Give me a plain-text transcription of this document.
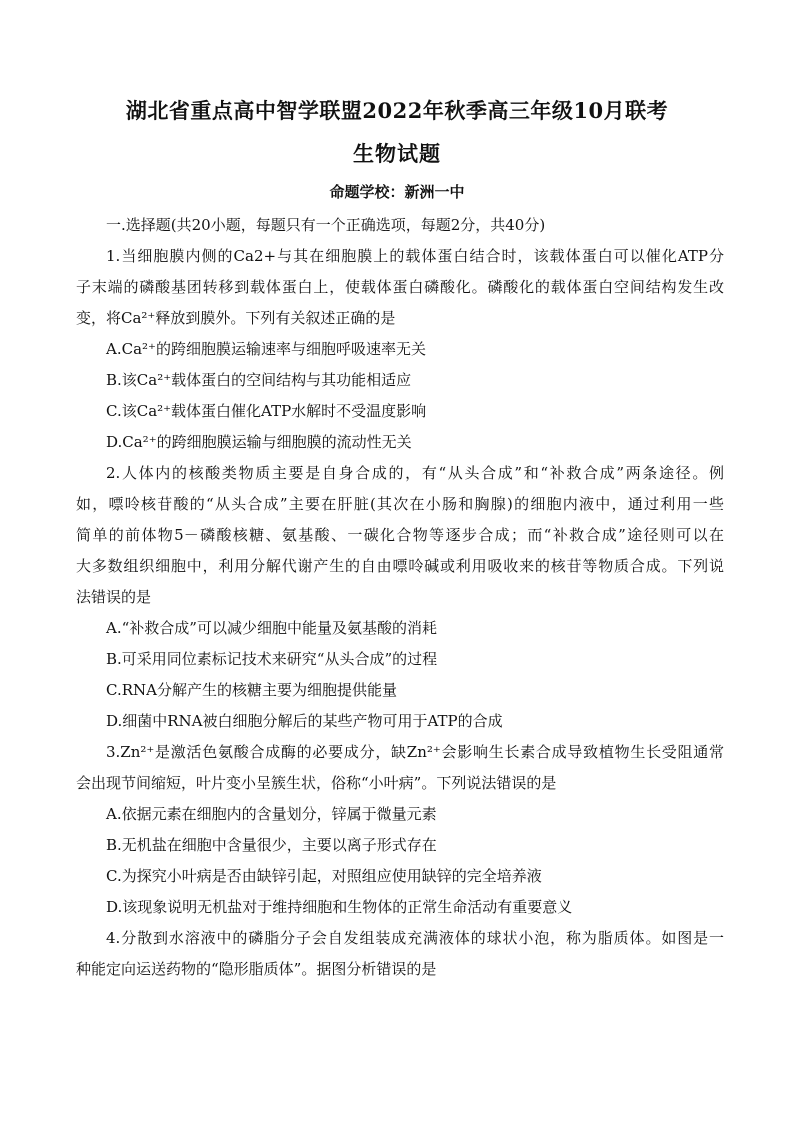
湖北省重点高中智学联盟2022年秋季高三年级10月联考
生物试题
命题学校：新洲一中
一.选择题(共20小题，每题只有一个正确选项，每题2分，共40分)
1.当细胞膜内侧的Ca2+与其在细胞膜上的载体蛋白结合时，该载体蛋白可以催化ATP分
子末端的磷酸基团转移到载体蛋白上，使载体蛋白磷酸化。磷酸化的载体蛋白空间结构发生改
变，将Ca²⁺释放到膜外。下列有关叙述正确的是
A.Ca²⁺的跨细胞膜运输速率与细胞呼吸速率无关
B.该Ca²⁺载体蛋白的空间结构与其功能相适应
C.该Ca²⁺载体蛋白催化ATP水解时不受温度影响
D.Ca²⁺的跨细胞膜运输与细胞膜的流动性无关
2.人体内的核酸类物质主要是自身合成的，有“从头合成”和“补救合成”两条途径。例
如，嘌呤核苷酸的“从头合成”主要在肝脏(其次在小肠和胸腺)的细胞内液中，通过利用一些
简单的前体物5－磷酸核糖、氨基酸、一碳化合物等逐步合成；而“补救合成”途径则可以在
大多数组织细胞中，利用分解代谢产生的自由嘌呤碱或利用吸收来的核苷等物质合成。下列说
法错误的是
A.“补救合成”可以减少细胞中能量及氨基酸的消耗
B.可采用同位素标记技术来研究“从头合成”的过程
C.RNA分解产生的核糖主要为细胞提供能量
D.细菌中RNA被白细胞分解后的某些产物可用于ATP的合成
3.Zn²⁺是激活色氨酸合成酶的必要成分，缺Zn²⁺会影响生长素合成导致植物生长受阻通常
会出现节间缩短，叶片变小呈簇生状，俗称“小叶病”。下列说法错误的是
A.依据元素在细胞内的含量划分，锌属于微量元素
B.无机盐在细胞中含量很少，主要以离子形式存在
C.为探究小叶病是否由缺锌引起，对照组应使用缺锌的完全培养液
D.该现象说明无机盐对于维持细胞和生物体的正常生命活动有重要意义
4.分散到水溶液中的磷脂分子会自发组装成充满液体的球状小泡，称为脂质体。如图是一
种能定向运送药物的“隐形脂质体”。据图分析错误的是
